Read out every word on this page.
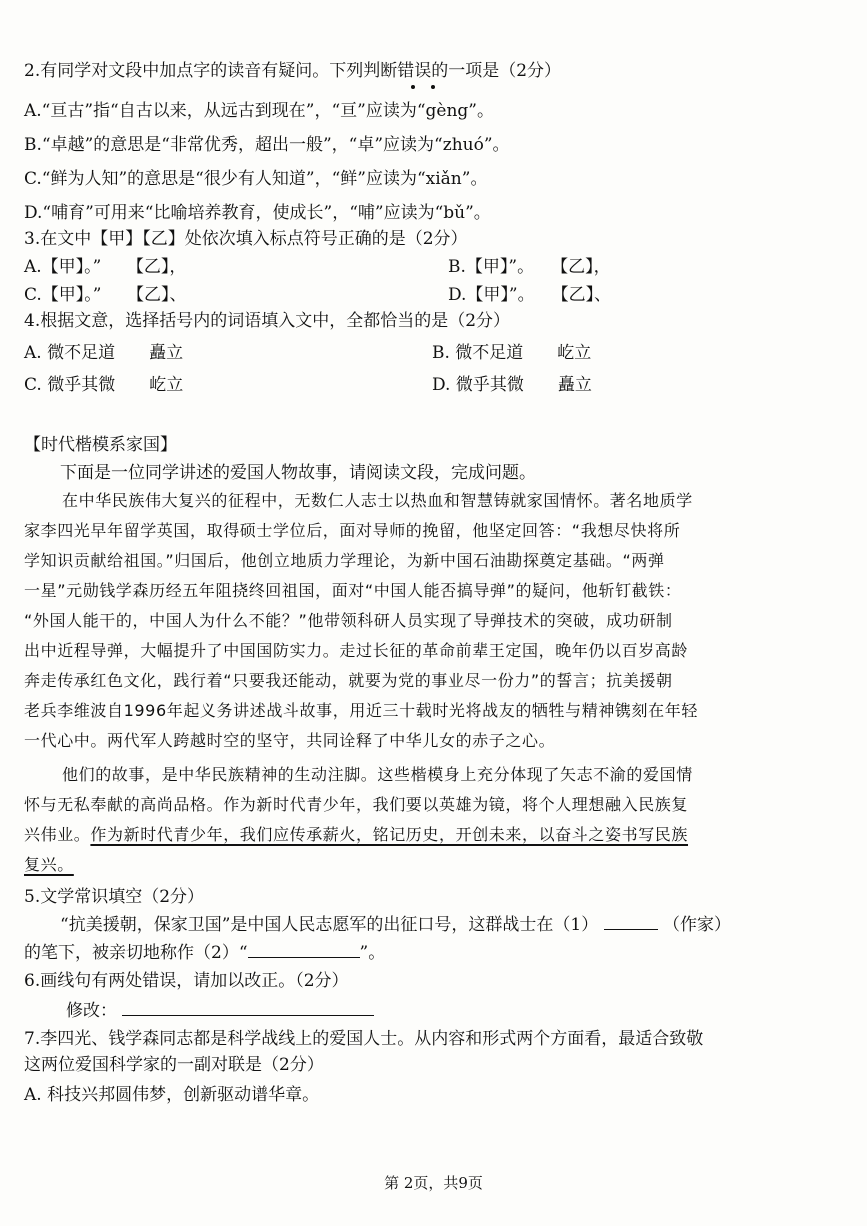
2.有同学对文段中加点字的读音有疑问。下列判断错误的一项是（2分）
A.“亘古”指“自古以来，从远古到现在”，“亘”应读为“gèng”。
B.“卓越”的意思是“非常优秀，超出一般”，“卓”应读为“zhuó”。
C.“鲜为人知”的意思是“很少有人知道”，“鲜”应读为“xiǎn”。
D.“哺育”可用来“比喻培养教育，使成长”，“哺”应读为“bǔ”。
3.在文中【甲】【乙】处依次填入标点符号正确的是（2分）
A.【甲】。”　　【乙】，	B.【甲】”。　　【乙】，
C.【甲】。”　　【乙】、	D.【甲】”。　　【乙】、
4.根据文意，选择括号内的词语填入文中，全都恰当的是（2分）
A. 微不足道　　矗立	B. 微不足道　　屹立
C. 微乎其微　　屹立	D. 微乎其微　　矗立
【时代楷模系家国】
下面是一位同学讲述的爱国人物故事，请阅读文段，完成问题。
在中华民族伟大复兴的征程中，无数仁人志士以热血和智慧铸就家国情怀。著名地质学
家李四光早年留学英国，取得硕士学位后，面对导师的挽留，他坚定回答：“我想尽快将所
学知识贡献给祖国。”归国后，他创立地质力学理论，为新中国石油勘探奠定基础。“两弹
一星”元勋钱学森历经五年阻挠终回祖国，面对“中国人能否搞导弹”的疑问，他斩钉截铁：
“外国人能干的，中国人为什么不能？”他带领科研人员实现了导弹技术的突破，成功研制
出中近程导弹，大幅提升了中国国防实力。走过长征的革命前辈王定国，晚年仍以百岁高龄
奔走传承红色文化，践行着“只要我还能动，就要为党的事业尽一份力”的誓言；抗美援朝
老兵李维波自1996年起义务讲述战斗故事，用近三十载时光将战友的牺牲与精神镌刻在年轻
一代心中。两代军人跨越时空的坚守，共同诠释了中华儿女的赤子之心。
他们的故事，是中华民族精神的生动注脚。这些楷模身上充分体现了矢志不渝的爱国情
怀与无私奉献的高尚品格。作为新时代青少年，我们要以英雄为镜，将个人理想融入民族复
兴伟业。作为新时代青少年，我们应传承薪火，铭记历史，开创未来，以奋斗之姿书写民族
复兴。
5.文学常识填空（2分）
“抗美援朝，保家卫国”是中国人民志愿军的出征口号，这群战士在（1）	（作家）
的笔下，被亲切地称作（2）“	”。
6.画线句有两处错误，请加以改正。（2分）
修改：
7.李四光、钱学森同志都是科学战线上的爱国人士。从内容和形式两个方面看，最适合致敬
这两位爱国科学家的一副对联是（2分）
A. 科技兴邦圆伟梦，创新驱动谱华章。
第 2页，共9页
